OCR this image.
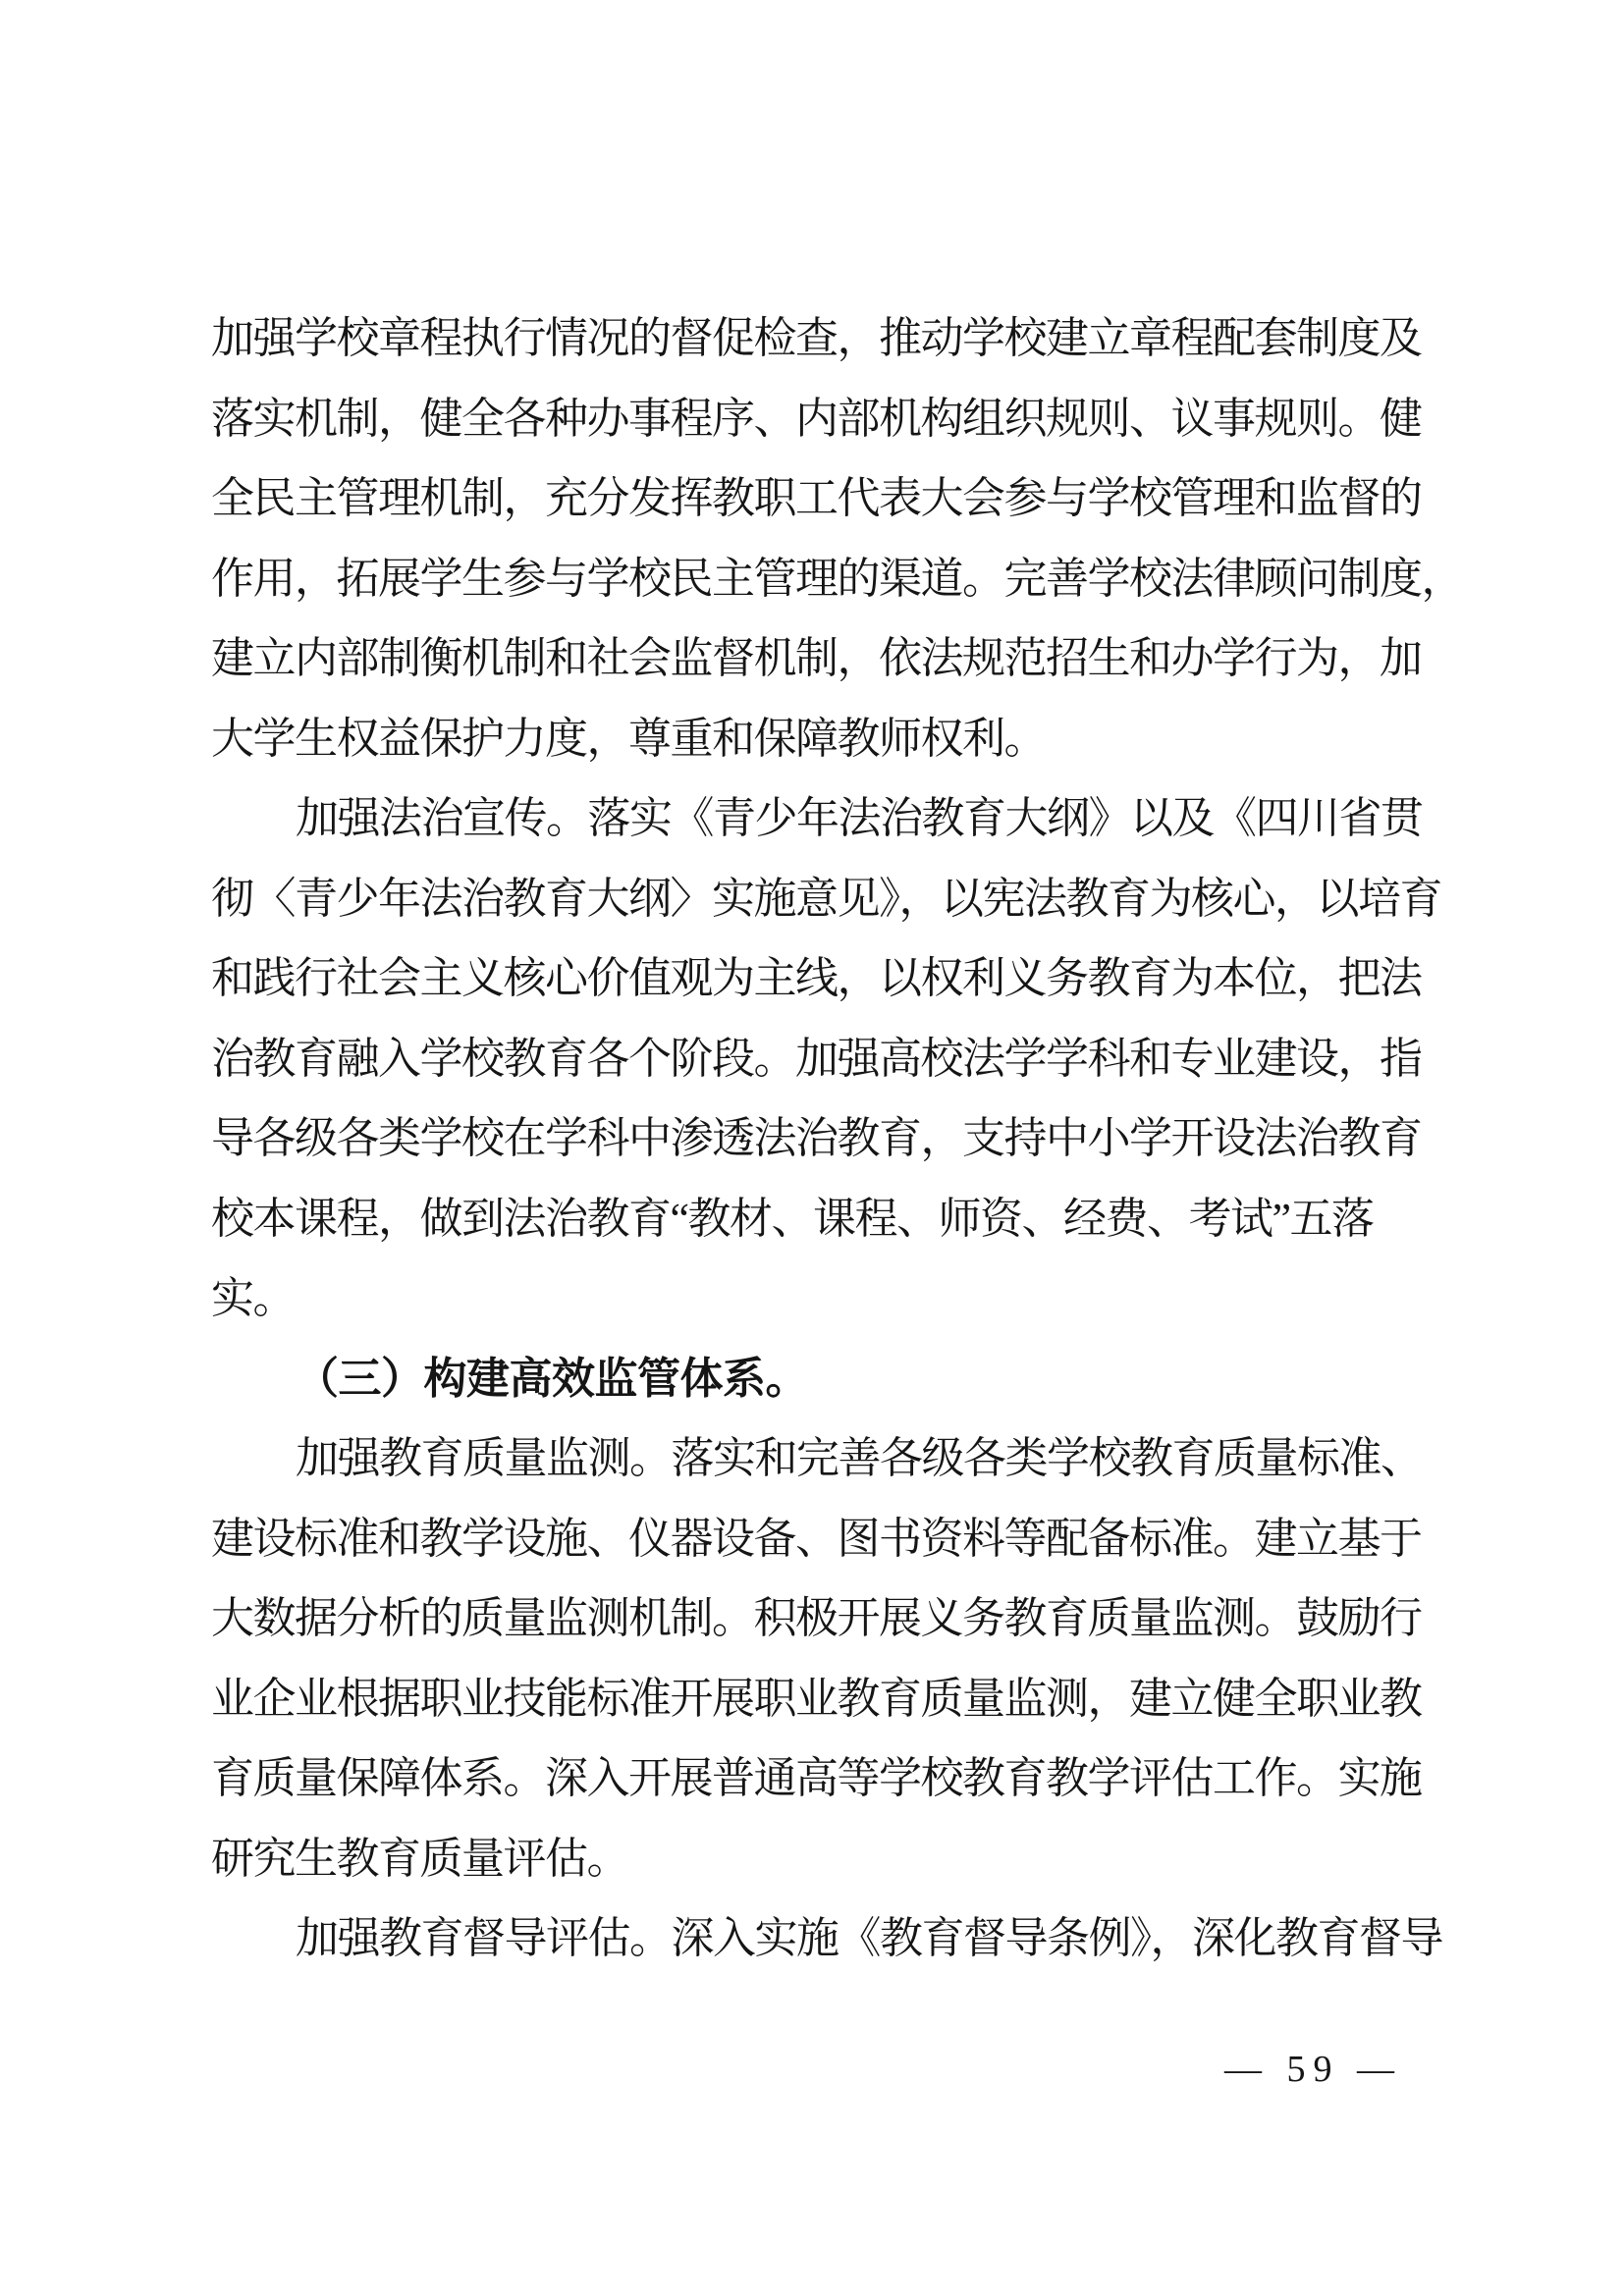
加强学校章程执行情况的督促检查，推动学校建立章程配套制度及
落实机制，健全各种办事程序、内部机构组织规则、议事规则。健
全民主管理机制，充分发挥教职工代表大会参与学校管理和监督的
作用，拓展学生参与学校民主管理的渠道。完善学校法律顾问制度，
建立内部制衡机制和社会监督机制，依法规范招生和办学行为，加
大学生权益保护力度，尊重和保障教师权利。
加强法治宣传。落实《青少年法治教育大纲》以及《四川省贯
彻〈青少年法治教育大纲〉实施意见》，以宪法教育为核心，以培育
和践行社会主义核心价值观为主线，以权利义务教育为本位，把法
治教育融入学校教育各个阶段。加强高校法学学科和专业建设，指
导各级各类学校在学科中渗透法治教育，支持中小学开设法治教育
校本课程，做到法治教育“教材、课程、师资、经费、考试”五落
实。
（三）构建高效监管体系。
加强教育质量监测。落实和完善各级各类学校教育质量标准、
建设标准和教学设施、仪器设备、图书资料等配备标准。建立基于
大数据分析的质量监测机制。积极开展义务教育质量监测。鼓励行
业企业根据职业技能标准开展职业教育质量监测，建立健全职业教
育质量保障体系。深入开展普通高等学校教育教学评估工作。实施
研究生教育质量评估。
加强教育督导评估。深入实施《教育督导条例》，深化教育督导
— 59 —
